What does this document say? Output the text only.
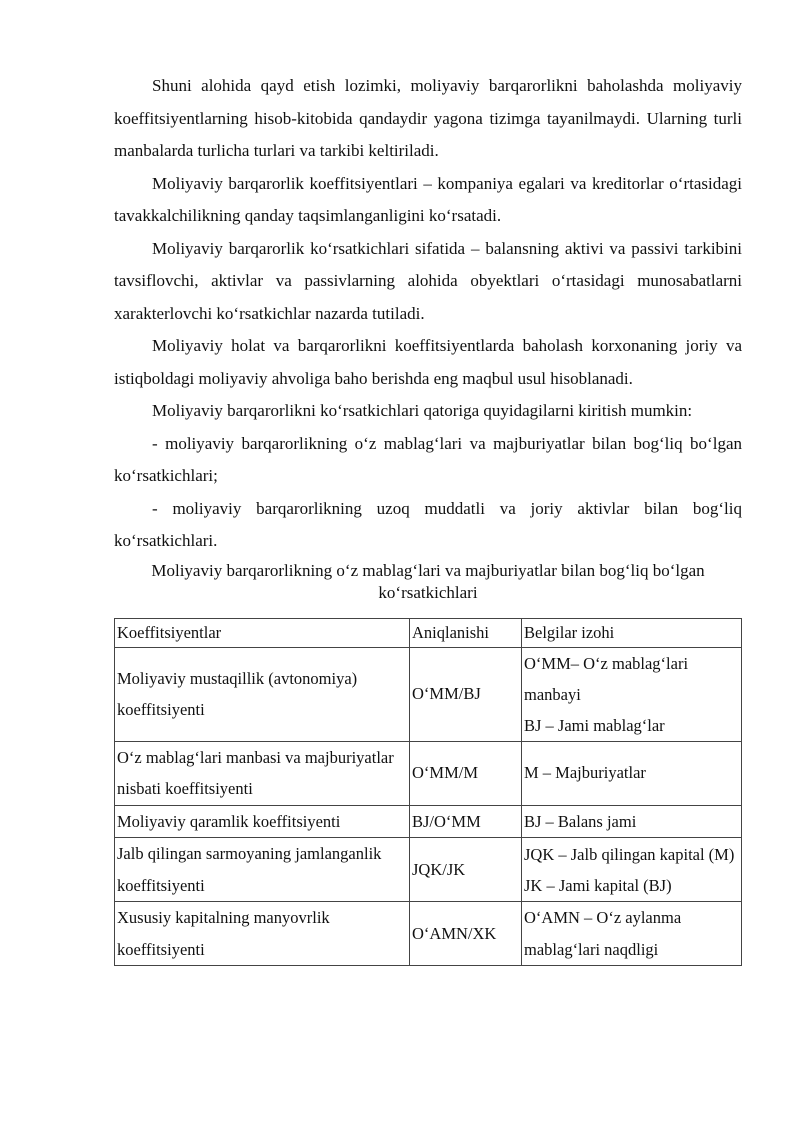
Shuni alohida qayd etish lozimki, moliyaviy barqarorlikni baholashda moliyaviy koeffitsiyentlarning hisob-kitobida qandaydir yagona tizimga tayanilmaydi. Ularning turli manbalarda turlicha turlari va tarkibi keltiriladi.

Moliyaviy barqarorlik koeffitsiyentlari – kompaniya egalari va kreditorlar o‘rtasidagi tavakkalchilikning qanday taqsimlanganligini ko‘rsatadi.

Moliyaviy barqarorlik ko‘rsatkichlari sifatida – balansning aktivi va passivi tarkibini tavsiflovchi, aktivlar va passivlarning alohida obyektlari o‘rtasidagi munosabatlarni xarakterlovchi ko‘rsatkichlar nazarda tutiladi.

Moliyaviy holat va barqarorlikni koeffitsiyentlarda baholash korxonaning joriy va istiqboldagi moliyaviy ahvoliga baho berishda eng maqbul usul hisoblanadi.

Moliyaviy barqarorlikni ko‘rsatkichlari qatoriga quyidagilarni kiritish mumkin:

- moliyaviy barqarorlikning o‘z mablag‘lari va majburiyatlar bilan bog‘liq bo‘lgan ko‘rsatkichlari;

- moliyaviy barqarorlikning uzoq muddatli va joriy aktivlar bilan bog‘liq ko‘rsatkichlari.

Moliyaviy barqarorlikning o‘z mablag‘lari va majburiyatlar bilan bog‘liq bo‘lgan
ko‘rsatkichlari
Koeffitsiyentlar	Aniqlanishi	Belgilar izohi
Moliyaviy mustaqillik (avtonomiya) koeffitsiyenti	O‘MM/BJ	O‘MM– O‘z mablag‘lari manbayi
BJ – Jami mablag‘lar

O‘z mablag‘lari manbasi va majburiyatlar nisbati koeffitsiyenti	O‘MM/M	M – Majburiyatlar

Moliyaviy qaramlik koeffitsiyenti	BJ/O‘MM	BJ – Balans jami

Jalb qilingan sarmoyaning jamlanganlik koeffitsiyenti	JQK/JK	JQK – Jalb qilingan kapital (M)
JK – Jami kapital (BJ)

Xususiy kapitalning manyovrlik koeffitsiyenti	O‘AMN/XK	O‘AMN – O‘z aylanma mablag‘lari naqdligi
